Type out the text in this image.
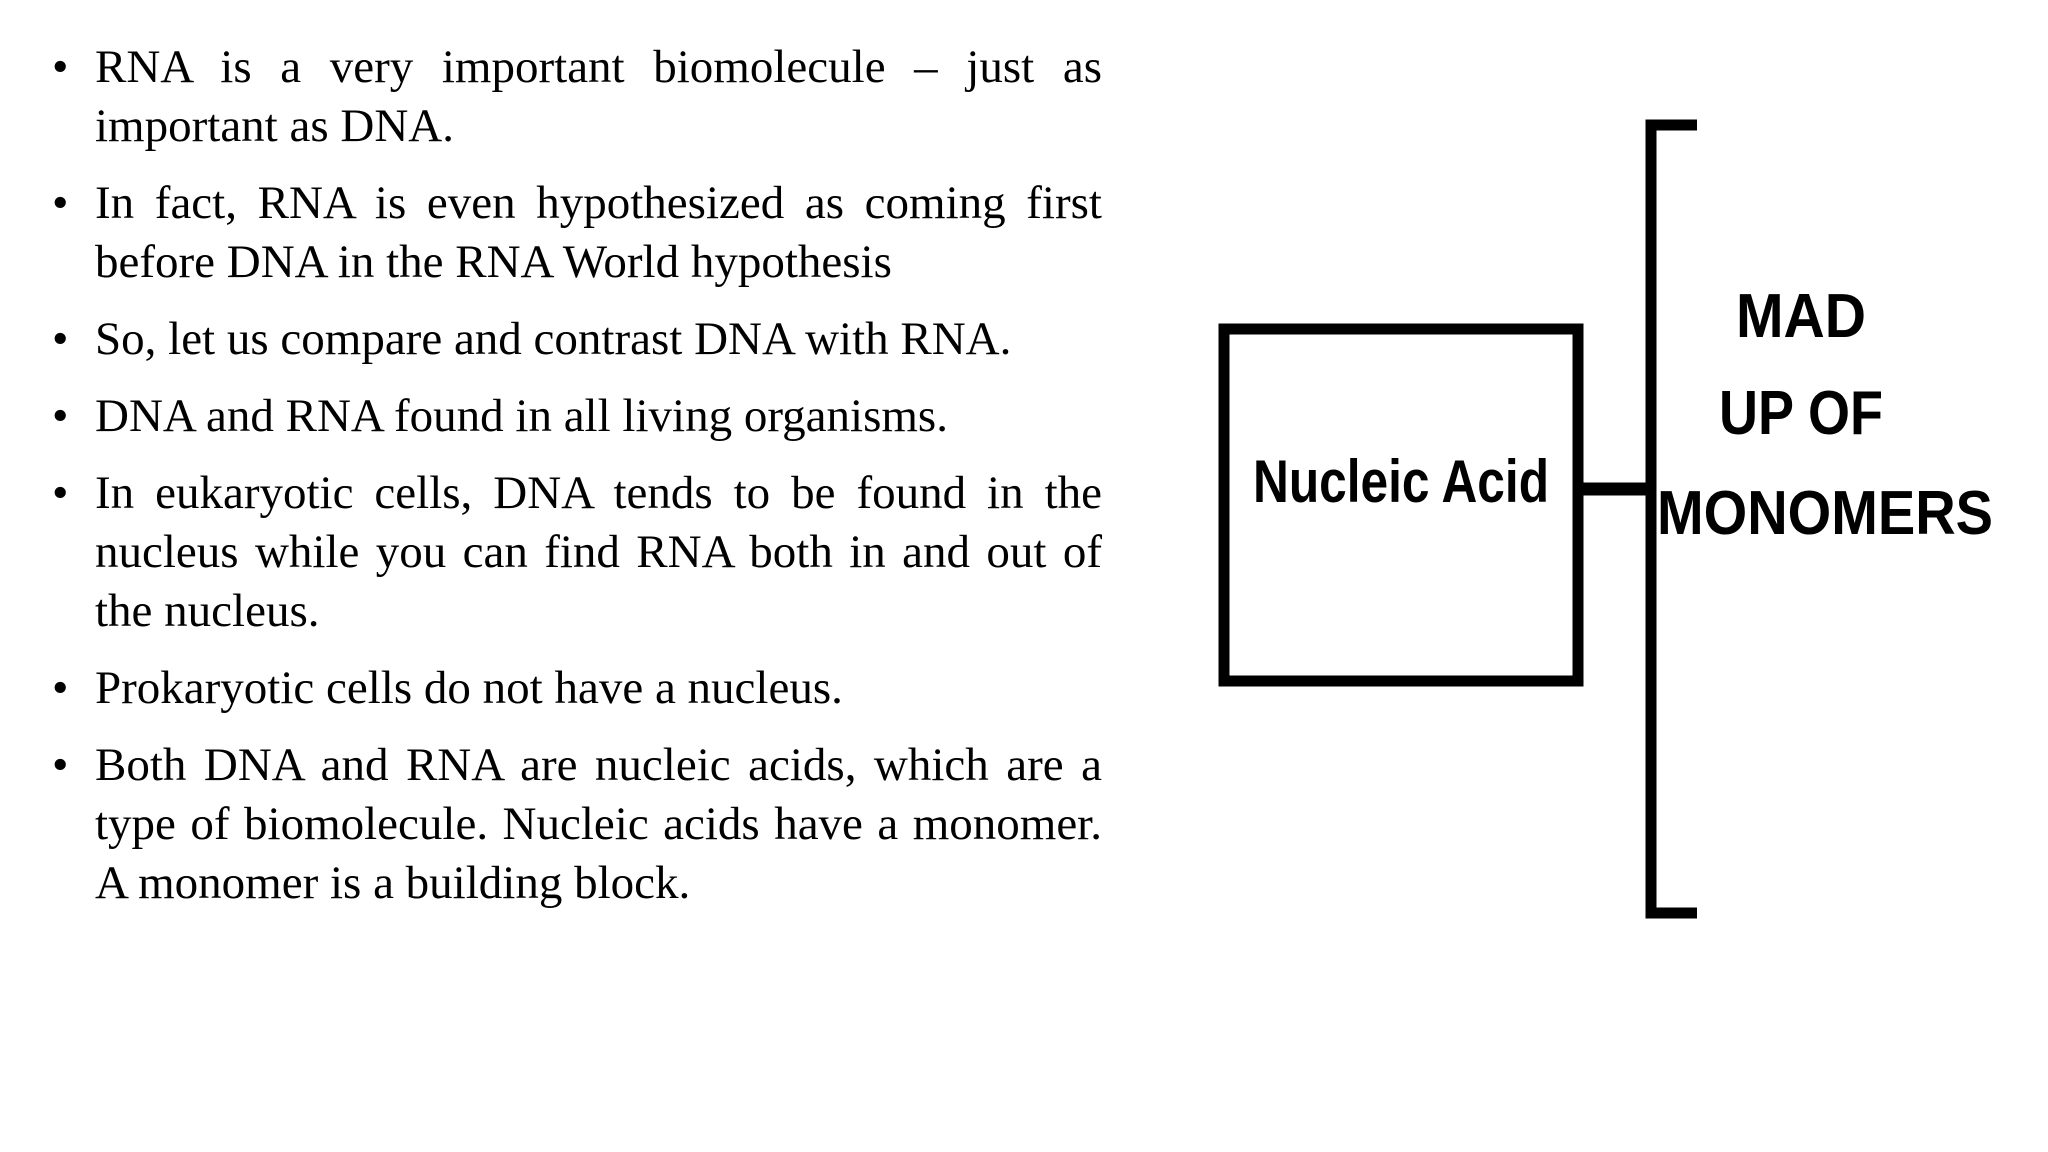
• RNA is a very important biomolecule – just as important as DNA.
• In fact, RNA is even hypothesized as coming first before DNA in the RNA World hypothesis
• So, let us compare and contrast DNA with RNA.
• DNA and RNA found in all living organisms.
• In eukaryotic cells, DNA tends to be found in the nucleus while you can find RNA both in and out of the nucleus.
• Prokaryotic cells do not have a nucleus.
• Both DNA and RNA are nucleic acids, which are a type of biomolecule. Nucleic acids have a monomer. A monomer is a building block.
Nucleic Acid
MAD
UP OF
MONOMERS
